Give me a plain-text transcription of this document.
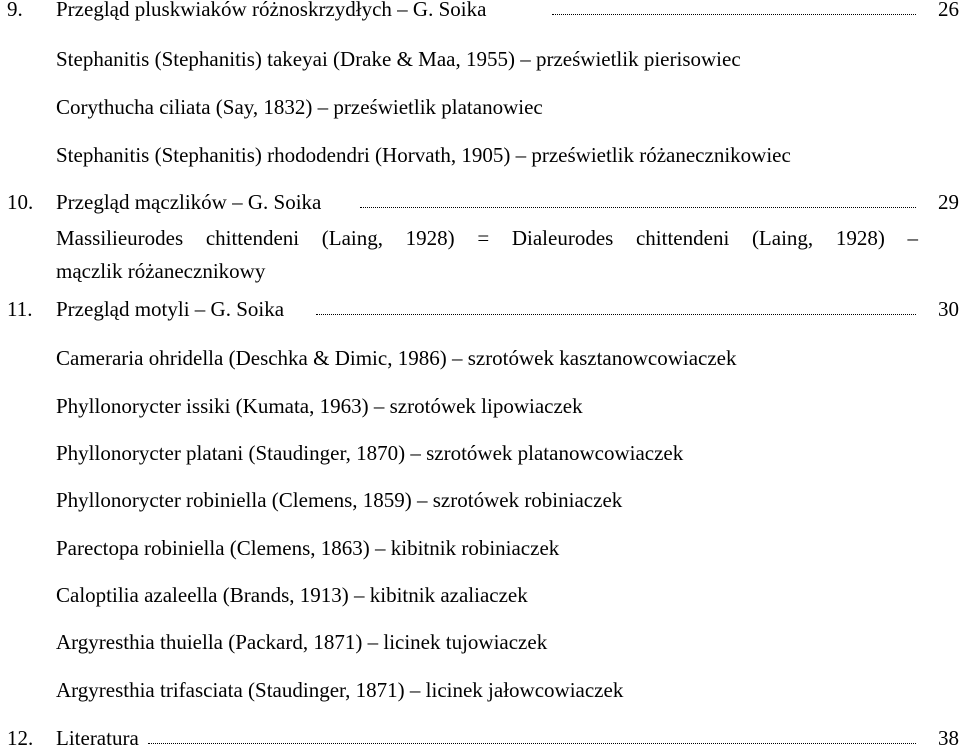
9. Przegląd pluskwiaków różnoskrzydłych – G. Soika	26
Stephanitis (Stephanitis) takeyai (Drake & Maa, 1955) – prześwietlik pierisowiec
Corythucha ciliata (Say, 1832) – prześwietlik platanowiec
Stephanitis (Stephanitis) rhododendri (Horvath, 1905) – prześwietlik różanecznikowiec
10. Przegląd mączlików – G. Soika	29
Massilieurodes chittendeni (Laing, 1928) = Dialeurodes chittendeni (Laing, 1928) –
mączlik różanecznikowy
11. Przegląd motyli – G. Soika	30
Cameraria ohridella (Deschka & Dimic, 1986) – szrotówek kasztanowcowiaczek
Phyllonorycter issiki (Kumata, 1963) – szrotówek lipowiaczek
Phyllonorycter platani (Staudinger, 1870) – szrotówek platanowcowiaczek
Phyllonorycter robiniella (Clemens, 1859) – szrotówek robiniaczek
Parectopa robiniella (Clemens, 1863) – kibitnik robiniaczek
Caloptilia azaleella (Brands, 1913) – kibitnik azaliaczek
Argyresthia thuiella (Packard, 1871) – licinek tujowiaczek
Argyresthia trifasciata (Staudinger, 1871) – licinek jałowcowiaczek
12. Literatura	38
